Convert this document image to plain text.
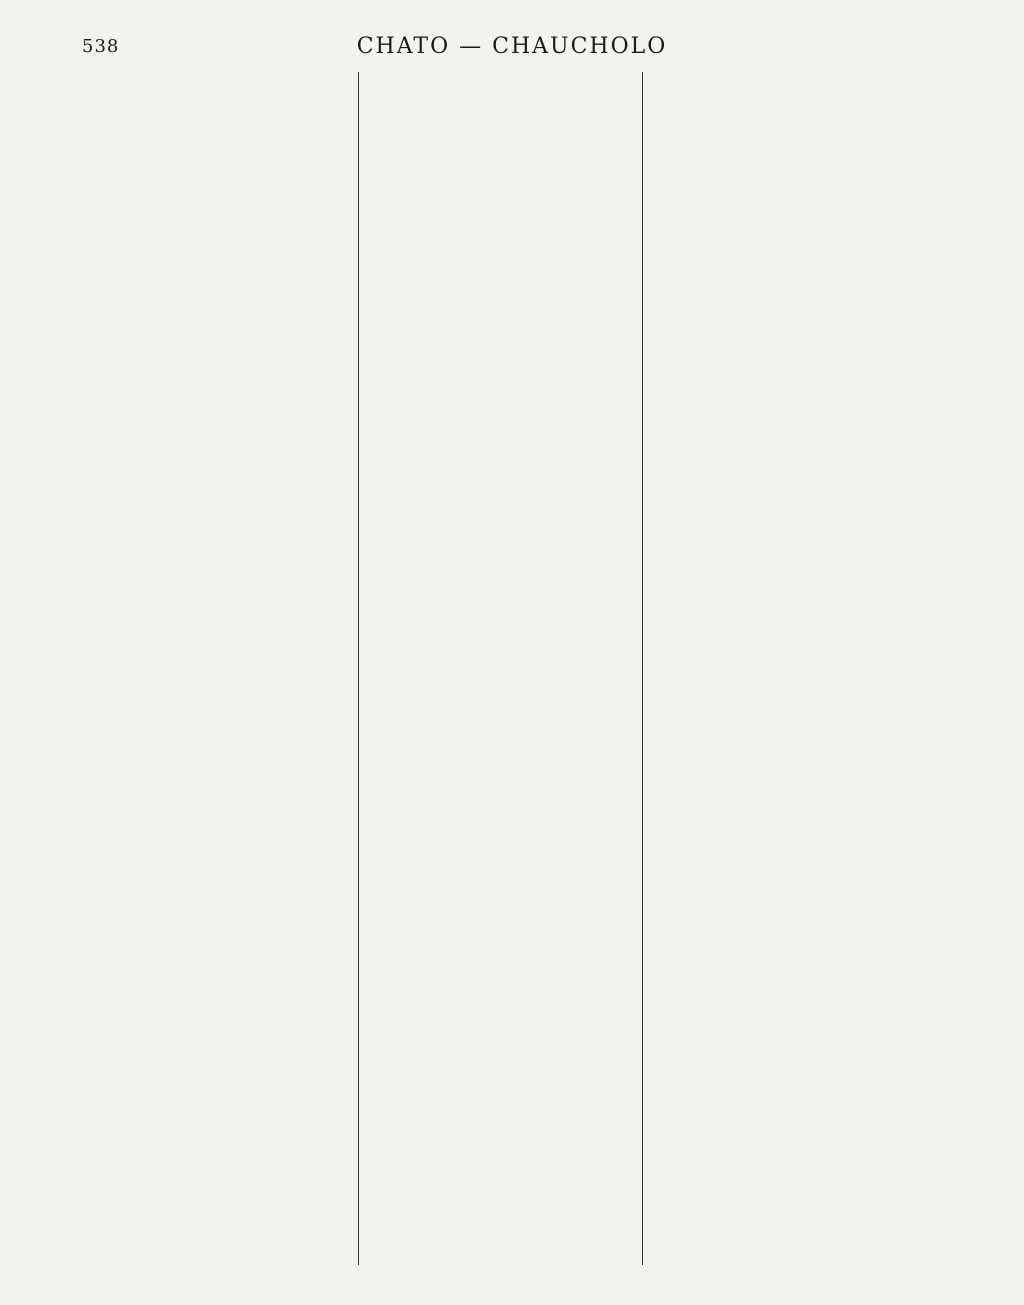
538	CHATO — CHAUCHOLO
